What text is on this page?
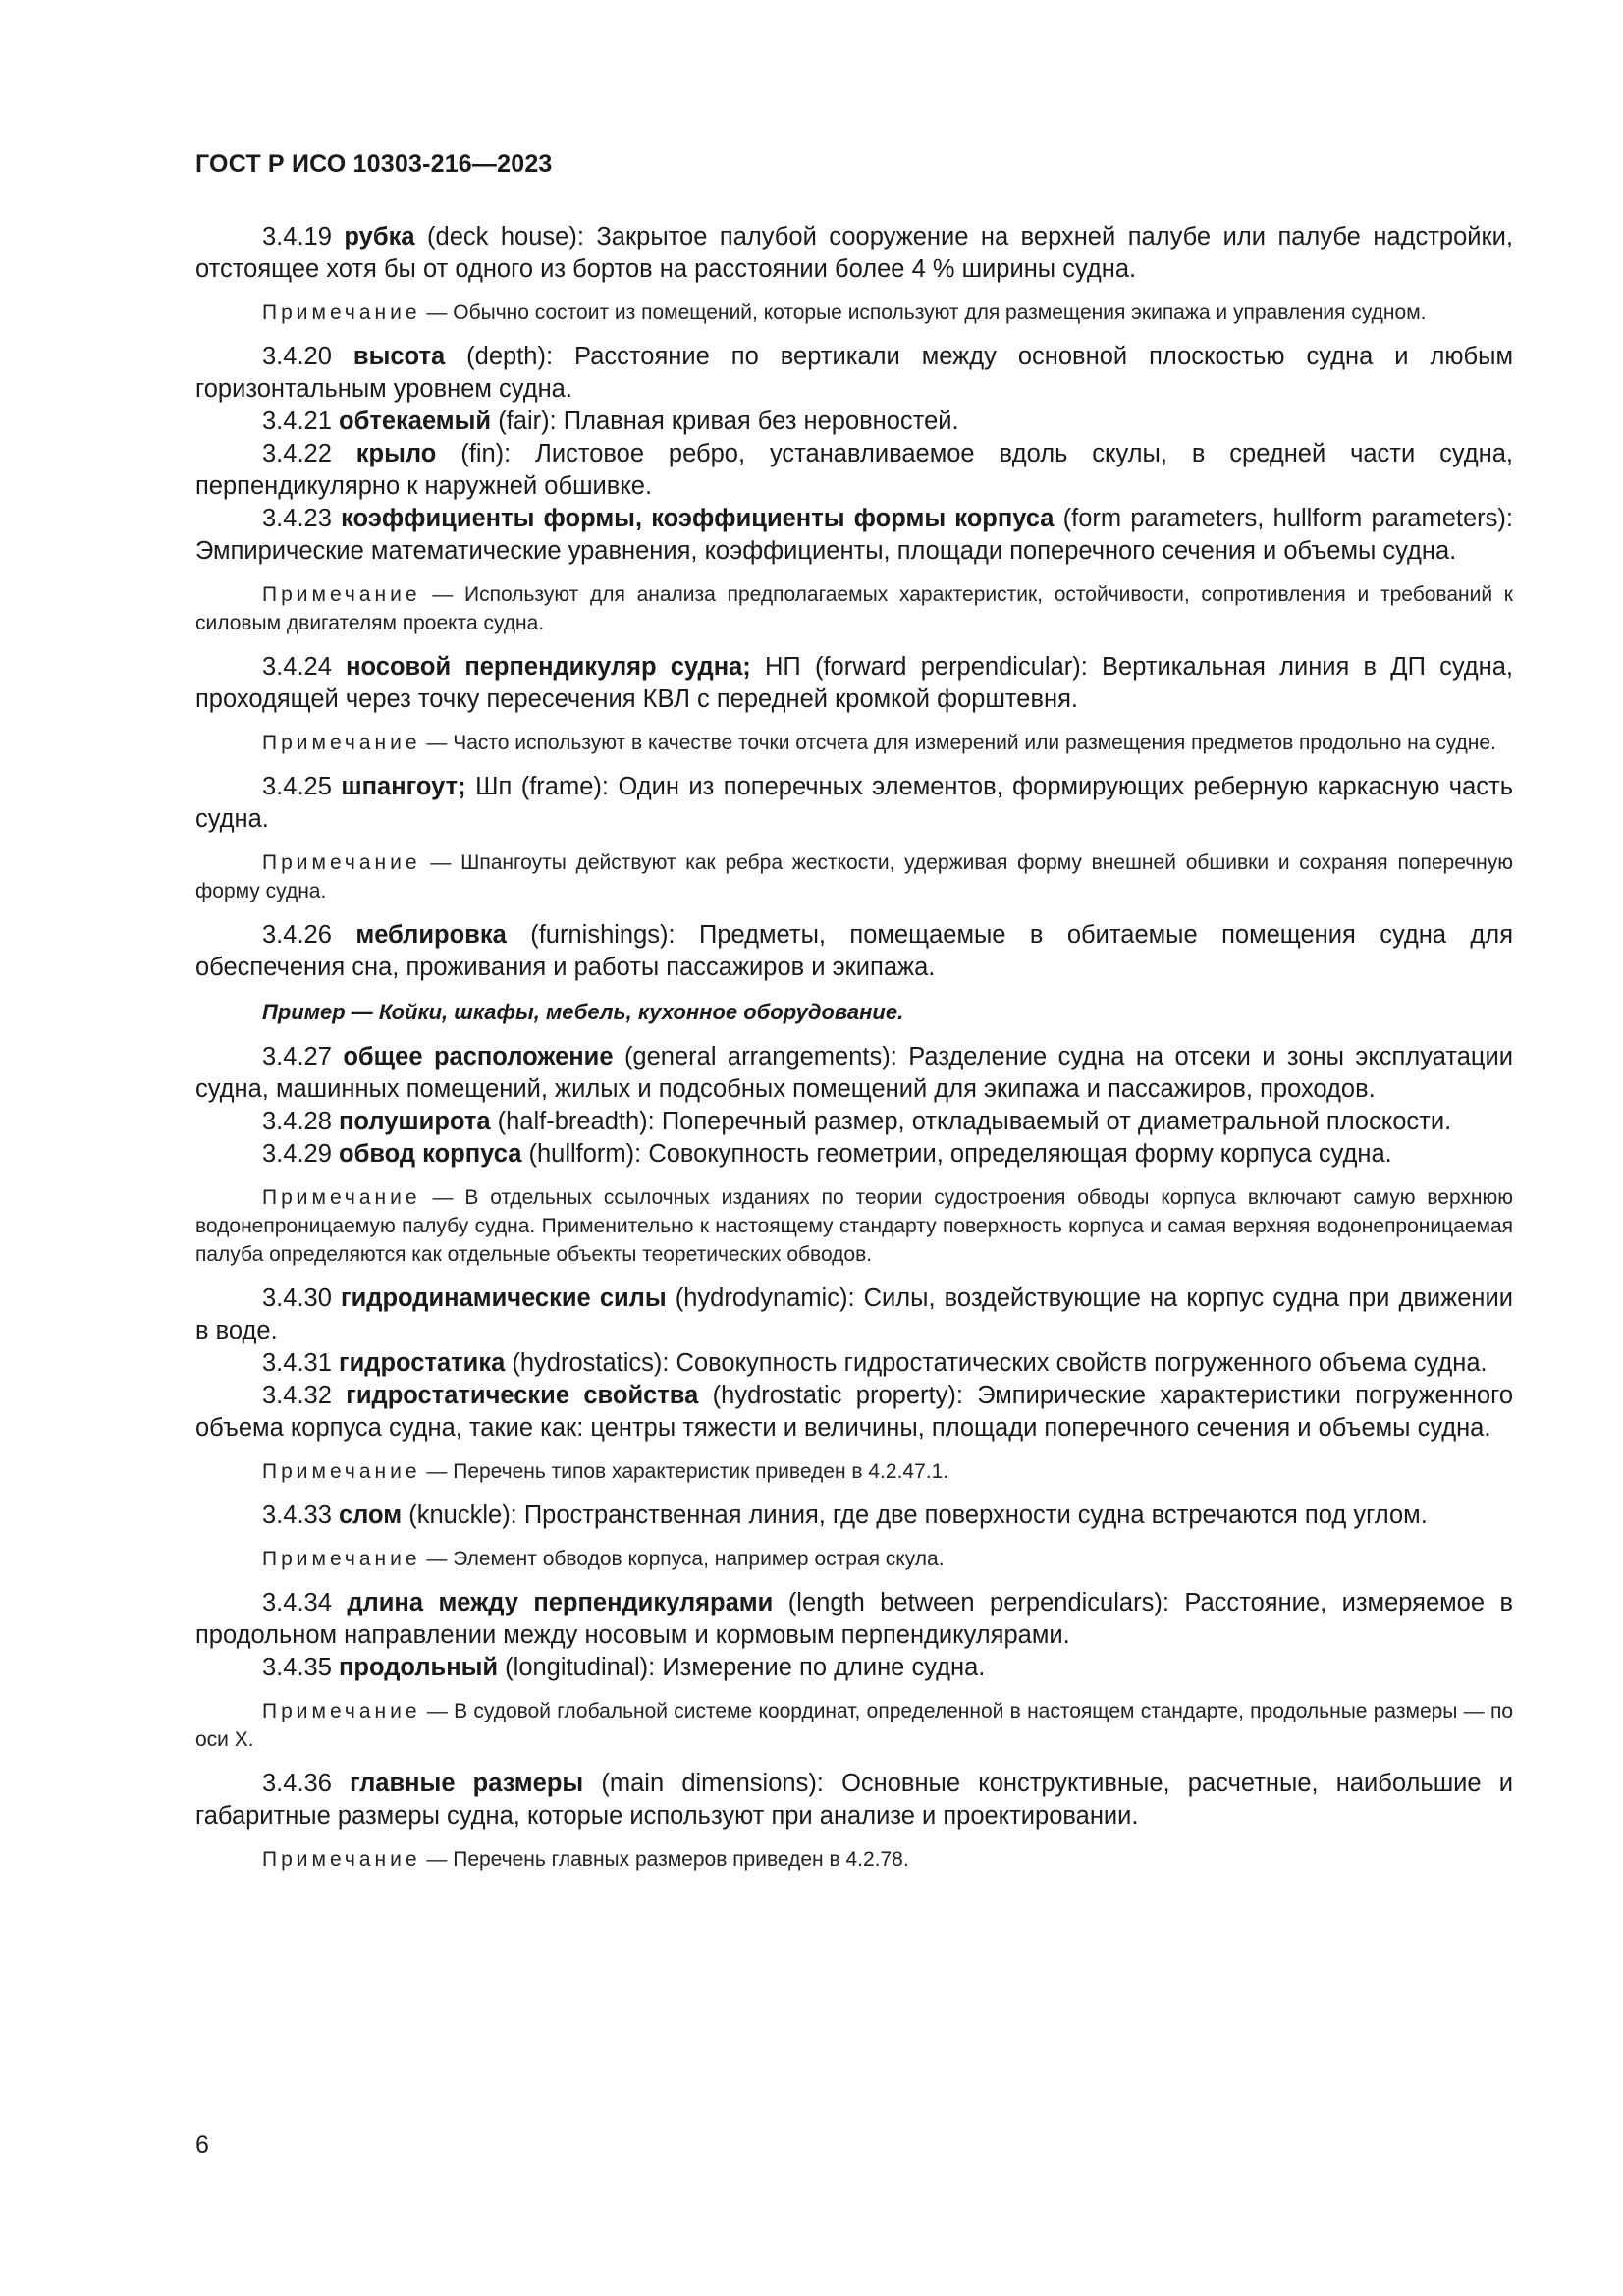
ГОСТ Р ИСО 10303-216—2023

3.4.19 рубка (deck house): Закрытое палубой сооружение на верхней палубе или палубе надстройки, отстоящее хотя бы от одного из бортов на расстоянии более 4 % ширины судна.

Примечание — Обычно состоит из помещений, которые используют для размещения экипажа и управления судном.

3.4.20 высота (depth): Расстояние по вертикали между основной плоскостью судна и любым горизонтальным уровнем судна.

3.4.21 обтекаемый (fair): Плавная кривая без неровностей.

3.4.22 крыло (fin): Листовое ребро, устанавливаемое вдоль скулы, в средней части судна, перпендикулярно к наружней обшивке.

3.4.23 коэффициенты формы, коэффициенты формы корпуса (form parameters, hullform parameters): Эмпирические математические уравнения, коэффициенты, площади поперечного сечения и объемы судна.

Примечание — Используют для анализа предполагаемых характеристик, остойчивости, сопротивления и требований к силовым двигателям проекта судна.

3.4.24 носовой перпендикуляр судна; НП (forward perpendicular): Вертикальная линия в ДП судна, проходящей через точку пересечения КВЛ с передней кромкой форштевня.

Примечание — Часто используют в качестве точки отсчета для измерений или размещения предметов продольно на судне.

3.4.25 шпангоут; Шп (frame): Один из поперечных элементов, формирующих реберную каркасную часть судна.

Примечание — Шпангоуты действуют как ребра жесткости, удерживая форму внешней обшивки и сохраняя поперечную форму судна.

3.4.26 меблировка (furnishings): Предметы, помещаемые в обитаемые помещения судна для обеспечения сна, проживания и работы пассажиров и экипажа.

Пример — Койки, шкафы, мебель, кухонное оборудование.

3.4.27 общее расположение (general arrangements): Разделение судна на отсеки и зоны эксплуатации судна, машинных помещений, жилых и подсобных помещений для экипажа и пассажиров, проходов.

3.4.28 полуширота (half-breadth): Поперечный размер, откладываемый от диаметральной плоскости.

3.4.29 обвод корпуса (hullform): Совокупность геометрии, определяющая форму корпуса судна.

Примечание — В отдельных ссылочных изданиях по теории судостроения обводы корпуса включают самую верхнюю водонепроницаемую палубу судна. Применительно к настоящему стандарту поверхность корпуса и самая верхняя водонепроницаемая палуба определяются как отдельные объекты теоретических обводов.

3.4.30 гидродинамические силы (hydrodynamic): Силы, воздействующие на корпус судна при движении в воде.

3.4.31 гидростатика (hydrostatics): Совокупность гидростатических свойств погруженного объема судна.

3.4.32 гидростатические свойства (hydrostatic property): Эмпирические характеристики погруженного объема корпуса судна, такие как: центры тяжести и величины, площади поперечного сечения и объемы судна.

Примечание — Перечень типов характеристик приведен в 4.2.47.1.

3.4.33 слом (knuckle): Пространственная линия, где две поверхности судна встречаются под углом.

Примечание — Элемент обводов корпуса, например острая скула.

3.4.34 длина между перпендикулярами (length between perpendiculars): Расстояние, измеряемое в продольном направлении между носовым и кормовым перпендикулярами.

3.4.35 продольный (longitudinal): Измерение по длине судна.

Примечание — В судовой глобальной системе координат, определенной в настоящем стандарте, продольные размеры — по оси X.

3.4.36 главные размеры (main dimensions): Основные конструктивные, расчетные, наибольшие и габаритные размеры судна, которые используют при анализе и проектировании.

Примечание — Перечень главных размеров приведен в 4.2.78.

6
